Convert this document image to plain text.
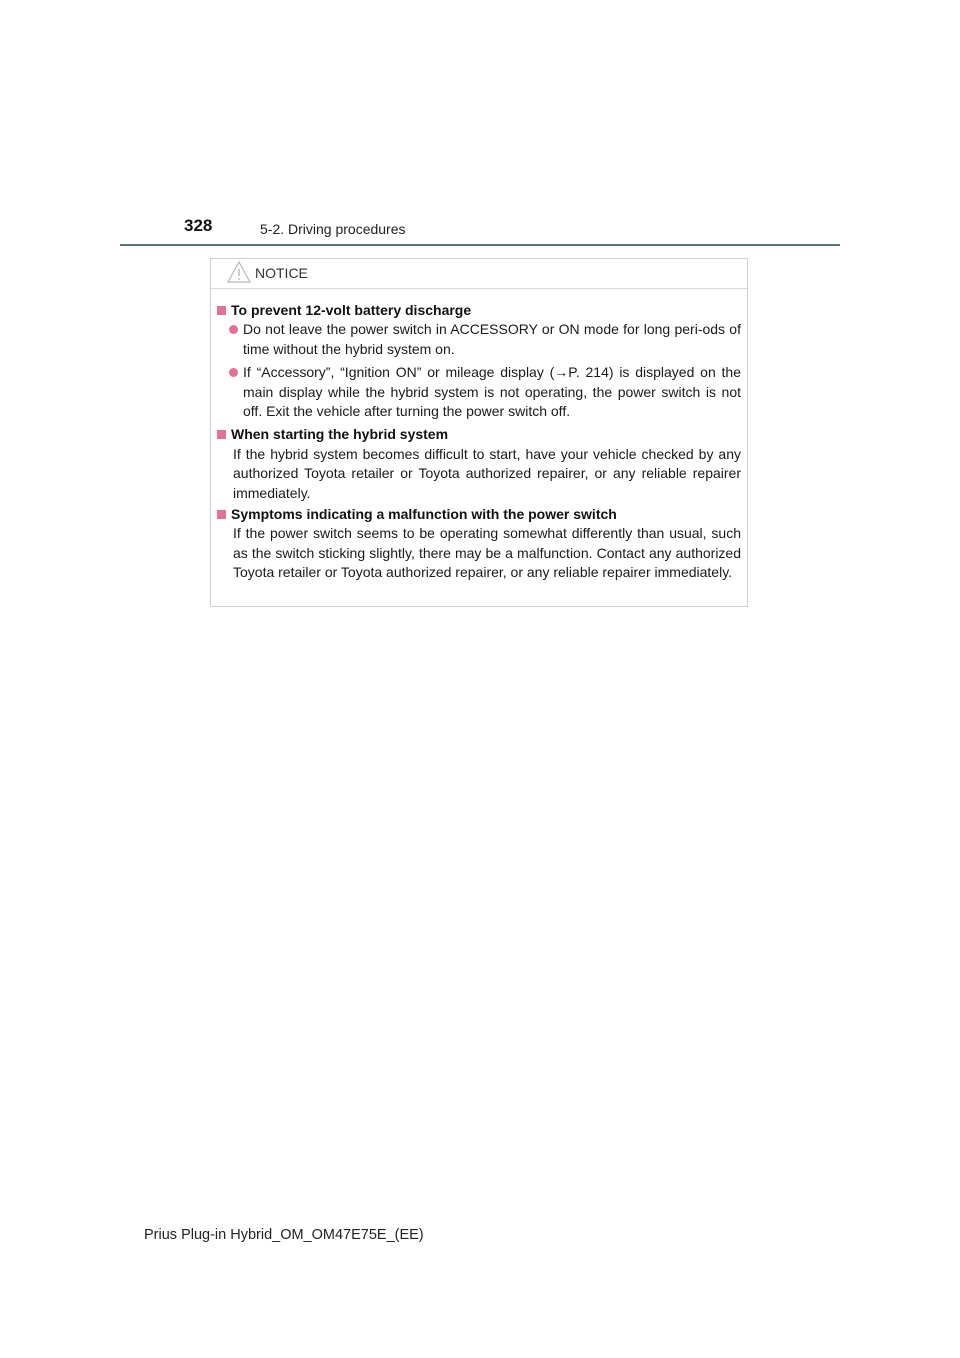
328	5-2. Driving procedures
NOTICE
To prevent 12-volt battery discharge
Do not leave the power switch in ACCESSORY or ON mode for long peri-ods of time without the hybrid system on.
If “Accessory”, “Ignition ON” or mileage display (→P. 214) is displayed on the main display while the hybrid system is not operating, the power switch is not off. Exit the vehicle after turning the power switch off.
When starting the hybrid system
If the hybrid system becomes difficult to start, have your vehicle checked by any authorized Toyota retailer or Toyota authorized repairer, or any reliable repairer immediately.
Symptoms indicating a malfunction with the power switch
If the power switch seems to be operating somewhat differently than usual, such as the switch sticking slightly, there may be a malfunction. Contact any authorized Toyota retailer or Toyota authorized repairer, or any reliable repairer immediately.
Prius Plug-in Hybrid_OM_OM47E75E_(EE)
